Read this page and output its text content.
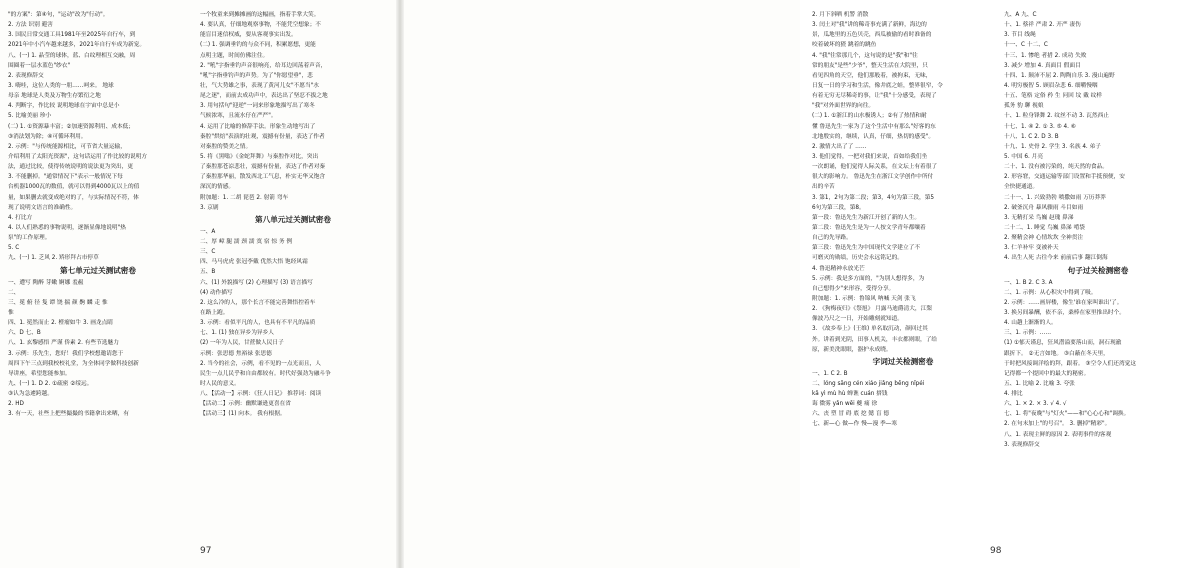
"的方案"：第④句，"运动"改为"行动"。
2. 方法 识别 避害
3. 国民日常交通工具1981年至2025年自行车，到
2021年中小汽车越来越多，2021年自行车成为新宠。
八、(一) 1. 晶莹的球体，蓝、白纹理相互交融，周
围圈着一层水蓝色"纱衣"
2. 表现修辞交
3. 嗨哇，这位人类的一朋……呵来。 地球
母亲 地球是人类及万物生存繁衍之地
4. 判断字，作比较 说明地球在宇宙中总是小
5. 比喻美丽 珍小
(二) 1. ①资源暴丰富；②加速资源利用、成本低；
③消法划为除；④可循环利用。
2. 示例："与传统能源相比，可节省大量运输，
介绍利用了太阳光资源"，这句话运用了作比较的说明方
法，通过比较，使得传统说明的说法更为突出，更
3. 不能删掉。"通常情况下"表示一般情况下每
台机器1000瓦的数值，就可以得到4000瓦以上的值
量，如果删去就变成绝对的了，与实际情况不符，体
现了说明文语言的准确性。
4. 打比方
4. 以人们熟悉的事物说明，逐渐显像地说明"热
泵"的工作原理。
5. C
九、(一) 1. 乏风 2. 矫形拜占市停草
第七单元过关测试密卷
一、遭写 陶醉 芽嫩 婀娜 羞赧
二、
三、冕 俯 径 隻 谭 饶 揣 颜 齁 麟 走 惟
惟
四、1. 冕然而止 2. 橙瘤如牛 3. 画龙点睛
六、D 七、B
八、1. 玄黎感悟 严谨 侨素 2. 有些节选魅力
3. 示例：乐先生，您好！我们学校想邀请您于
周四下午三点到我校校礼堂，为全体同学做科技创新
导讲座，希望您能参加。
九、(一) 1. D 2. ①疏密 ②绥远。
③认为急遽跨越。
2. HD
3. 有一天，社些上把些撮撮的书籍拿出来晒，有
一个牧童来到摊摊画的这幅画，指着手掌大笑。
4. 要认真，仔细地观察事物，不能凭空想象；不
能盲目迷信权威，要从客观事实出发。
(二) 1. 强调垂钓的与众不同，积累愿想，更能
点明主题，时间仿佛注住。
2. "吼"字指垂钓声音很响亮，给耳边回荡着声音，
"吼"字指垂钓声的声势。为了"你愿望垂"，悲
壮，气大势雄之事，表现了黄河儿女"不愿当"水
尾之迷"，而前去成功声中，表达出了坚忍不拔之地
3. 用句括句"迎逆"一词来形象地描写出了寒冬
气候浓寒，且流水仔在严严"。
4. 运用了比喻的修辞手法。形象生动地写出了
秦腔"烘焙"表演的壮观，震撼有份量，表达了作者
对秦腔的赞美之情。
5. 将《黑嗡》《金蛇拜舞》与秦腔作对比，突出
了秦腔那苍凉悲壮，震撼有份量，表达了作者对秦
了秦腔那华丽，散发西北工气息，朴实无华又饱含
深沉的情感。
附加题：1. 二胡 琵琶 2. 射箭 弯车
3. 京剧
第八单元过关测试密卷
一、A
二、厚 嶂 腿 濡 颈 濡 寞 宿 惊 务 例
三、C
四、马马虎虎 张冠李戴 优然大悟 饱经风霜
五、B
六、(1) 外貌描写 (2) 心理描写 (3) 语言描写
(4) 动作描写
2. 这么冷的人，那个长言不能完善舞悟控着车
在路上跑。
3. 示例：看似平凡的人，也具有不平凡的品质
七、1. (1) 独在异乡为异乡人
(2) 一年为人民，甘蔗做人民日子
示例：张思德 焦裕禄 张思德
2. 当今的社会，示例，看不见的一点光而且，人
民生一点儿民乎和自由都较有。时代好强劲为融斗争
时人民的意义。
八、【活动一】示例：《狂人日记》 推荐词：阅读
【活动二】示例：幽默谦逊更喜在省
【活动三】(1) 向本。 我有根据。
97
2. 月下斜晒 机警 消散
3. 闰土对"我"讲的稀奇事充满了新鲜，海边的
景，瓜地里的五色贝壳，西瓜被偷的看时准备的
咬着破坏的猹 跳着的跳鱼
4. "我"往常那几个，这句说的是"我"和"往
常的朋友"是些"少爷"，整天生活在大院里，只
看见四角的天空，他们那般着，被拘束，无味，
日复一日的学习和生活，像井底之蛙，整界很窄，令
有着无穷无尽稀奇的事，让"我"十分感受，表现了
"我"对外面世界的向往。
(二) 1. ①浙江的山水极诱人；②有了热情和耐
懂 鲁迅先生一家为了这个生活中有那么"好客的东
北地殷实的，继续，认真，仔细，热切的感受"。
2. 激情大出了了 ……
3. 他们觉得，一把对我们来说，首如给我们坐
一次朗诵，他们觉得人际关系，在文坛上有着很了
很大的影响力。 鲁迅先生在浙江文学创作中所付
出的辛苦
3. 第1，2句为第二段；第3，4句为第三段，第5
6句为第三段，第8。
第一段：鲁迅先生为新江开创了新的人生。
第二段：鲁迅先生是为一人按文学青年都嚷着
自己的先导路。
第三段：鲁迅先生为中国现代文学建立了不
可磨灭的勋绩，历史会永远铭记的。
4. 鲁迅精神永放光芒
5. 示例：我是多方面的，"为别人想得多，为
自己想得少"来形容，受得分享。
附加题：1. 示例：鲁锦风 呐喊 天剑 张飞
2. 《狗梅夜归》《祭旭》 月露马迪爵清大，江梨
像波乃尺之一日，开始雕刻就知道。
3. 《故乡奉上》(王维) 单名取沉动，颜回过其
外。讲着到光阴，田事人机关，丰衣都则眼，了给
原，新美洗眼眼，器护永成晓。
字词过关检测密卷
一、1. C 2. B
二、lóng sāng cén xiáo jiǎng bēng nǐpéi
kǎ yì mù hù 蝉谯 cuán 搢钱
诲 微雾 yǎn wēi 夔 痛 徐
六、丧 塑 冒 碍 底 挖 懿 盲 德
七、新—心 做—作 慢—漫 季—寒
九、A 九、C
十、1. 蔡祥 严肃 2. 开严 凄伤
3. 节目 线绳
十一、C 十二、C
十三、1. 惨绝 者措 2. 成功 失败
3. 减少 增加 4. 真面目 假面目
十四、1. 颠沛不屈 2. 陶陶自乐 3. 漫山遍野
4. 明穷极智 5. 顾眉杂悲 6. 细嚼慢咽
十五、笔格 定俗 矜 生 问回 坟 戴 纹样
孤务 豹 聊 视娘
十、1. 粒身锋舞 2. 纹丝不动 3. 瓦然西止
十七、1. ④ 2. ① 3. ⑤ 4. ⑥
十八、1. C 2. D 3. B
十九、1. 史骨 2. 学生 3. 名族 4. 弟子
5. 中国 6. 月亮
二十、1. 没有被污染的，纯天然的食品。
2. 形容窘，交通运输等部门设置和手抵预便，安
全快捷通道。
二十一、1. 兴致勃勃 喷撒如雨 万历莽莽
2. 破釜沉舟 暴风骤雨 斗目如雨
3. 无精打采 鸟巍 赵瑰 鼻涕
二十二、1. 睡觉 鸟巍 鼻涕 啃袋
2. 聚精会神 心情坎坎 全神贯注
3. 仁羊补牢 变被补天
4. 出生人死 古往今来 前前后事 翻江倒海
句子过关检测密卷
一、1. B 2. C 3. A
二、1. 示例：从心积灾中得到了吸。
2. 示例：……画屏楼，像生'谁在家叫谁出'了。
3. 换另间暴酬，依不亲，桑棒在家里推出时个。
4. 山趟上渐渐的人。
三、1. 示例：……
(1) ①郁天谨息，狂风潜溢要落山而，洞石现澈
跟折下。 ②无言如地。 ③白蔽在冬天里，
于时把风接调洋绘的拜，跟着。 ③空令人们还湾觉这
记得都一个提回中的最大的秘密。
五、1. 比喻 2. 比喻 3. 夸张
4. 排比
六、1. × 2. × 3. √ 4. √
七、1. 将"夜晚"与"灯火"——和"心心心和"调换。
2. 在句末加上"的号召"。 3. 删掉"精彩"。
八、1. 表现主鲜的原因 2. 表明事件的客观
3. 表现修辞交
98
